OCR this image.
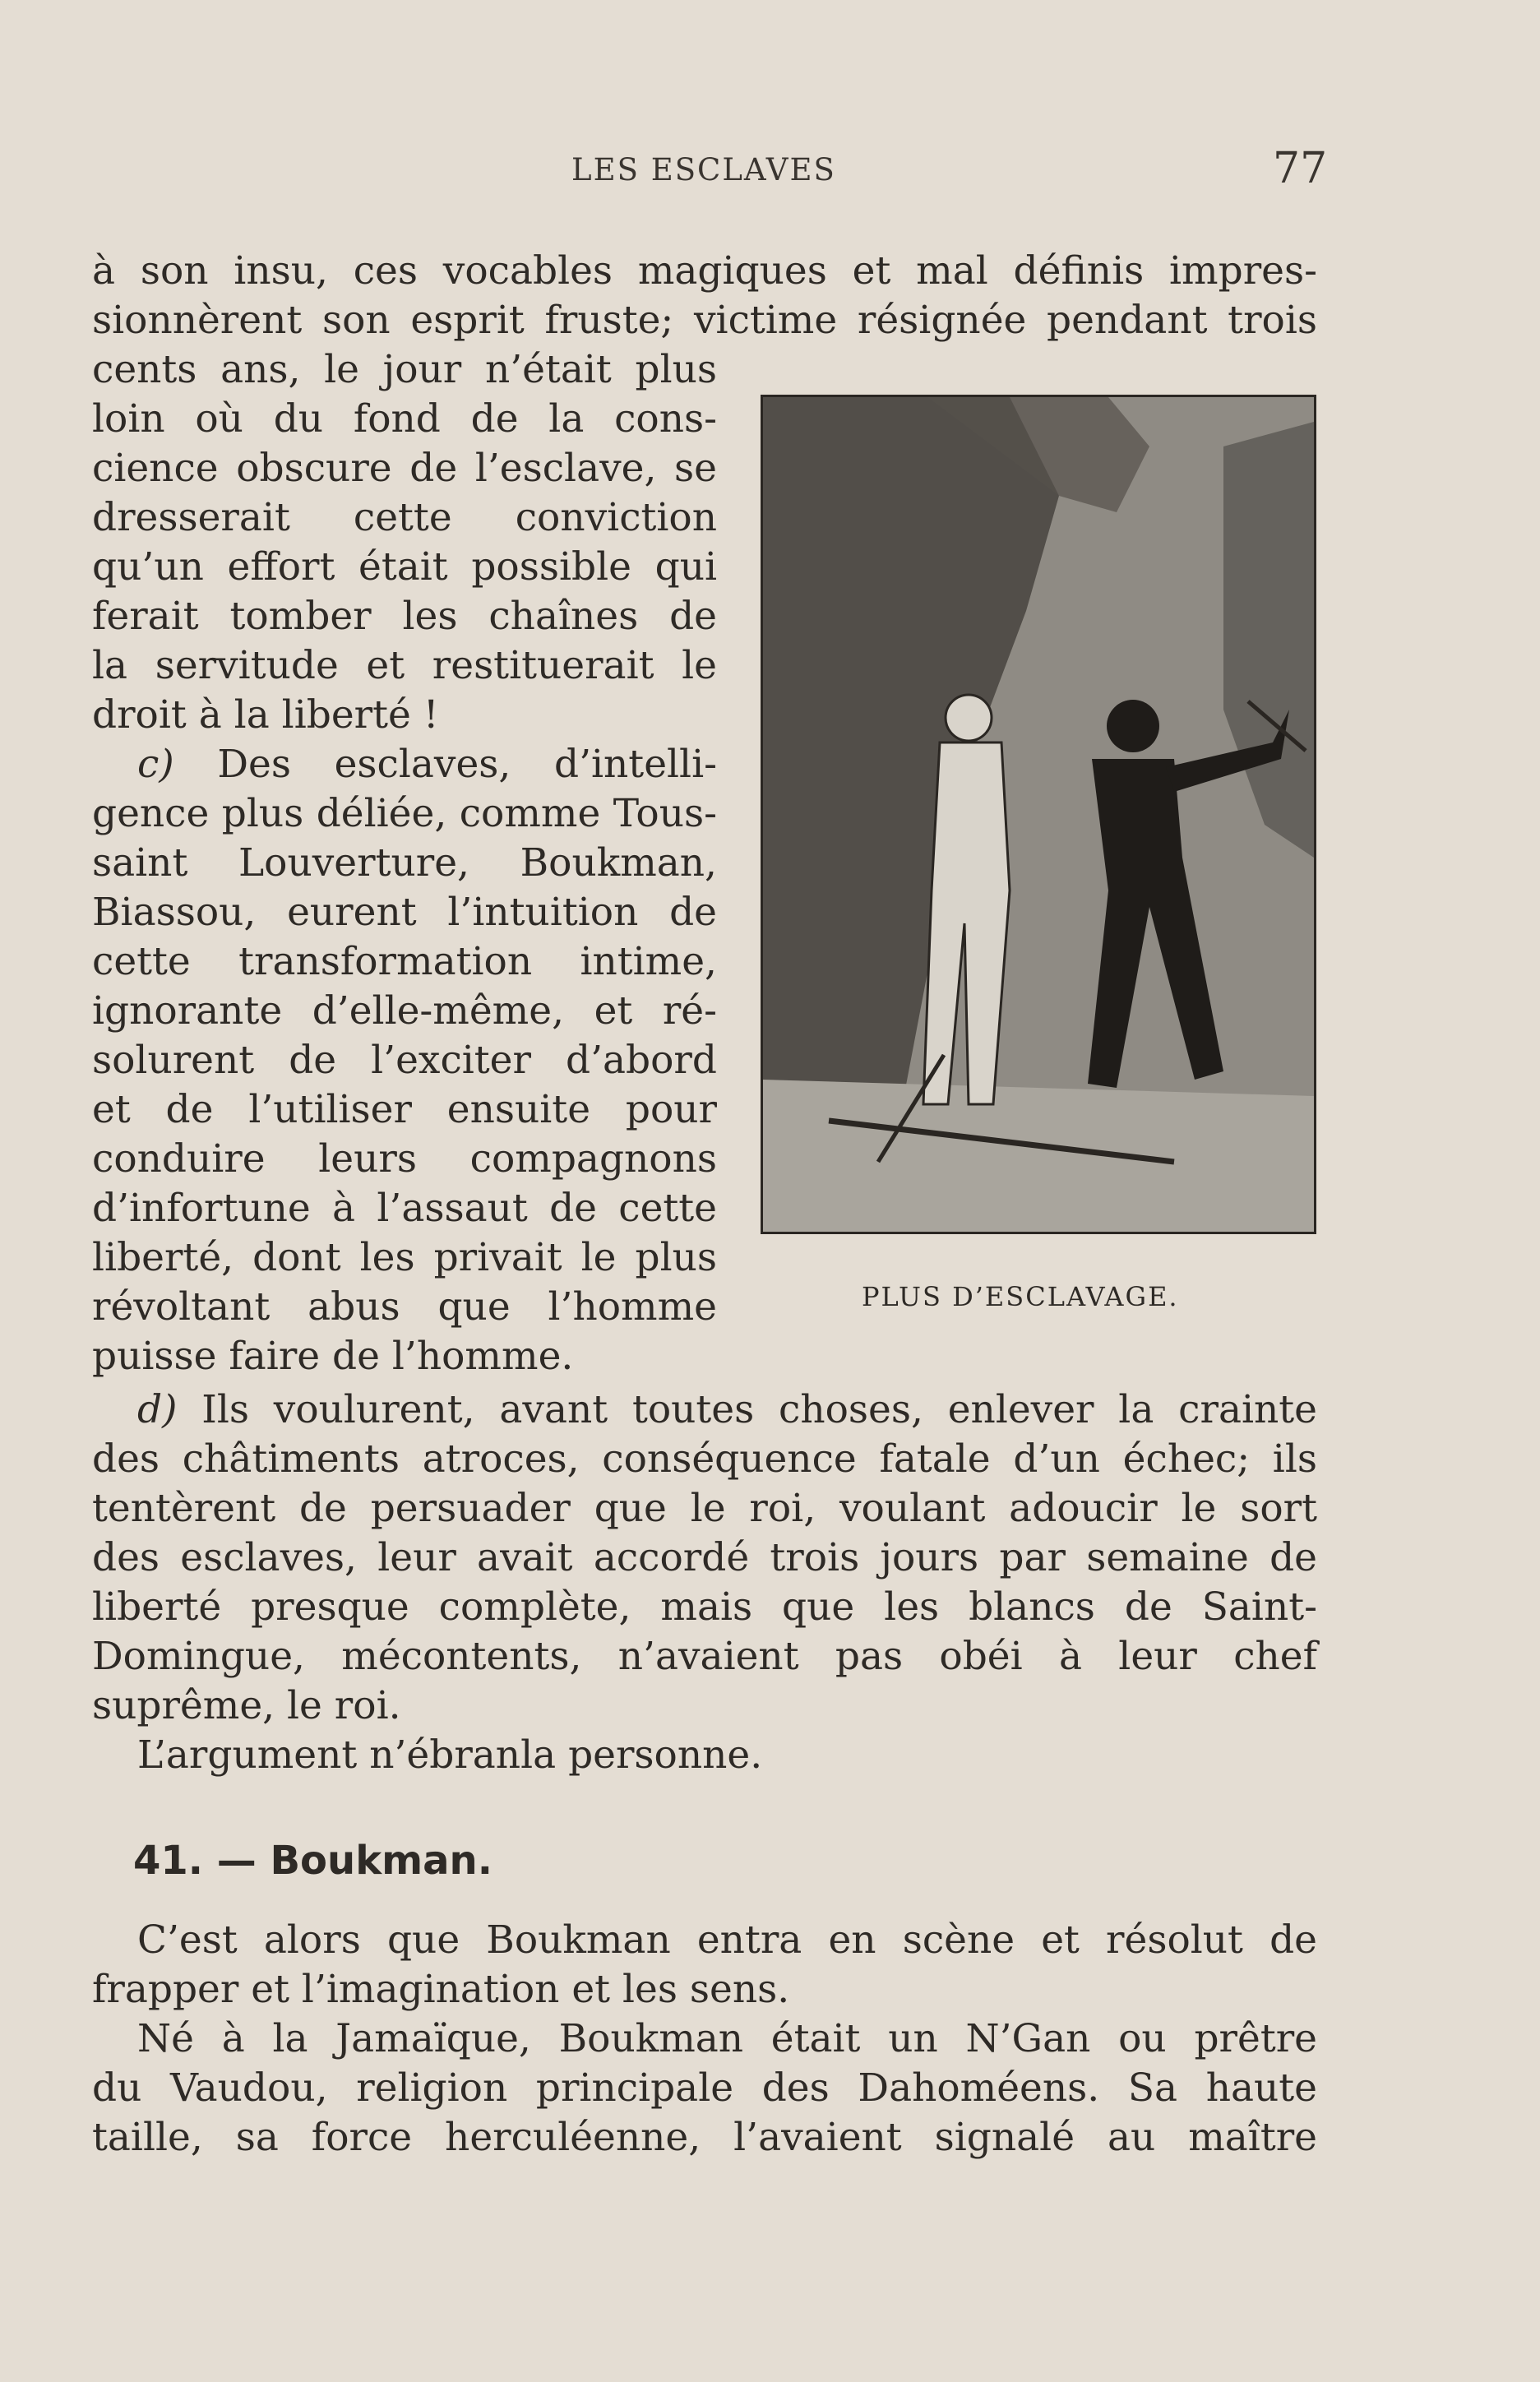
LES ESCLAVES	77
à son insu, ces vocables magiques et mal définis impres-
sionnèrent son esprit fruste; victime résignée pendant trois
cents ans, le jour n’était plus
loin où du fond de la cons-
cience obscure de l’esclave, se
dresserait cette conviction
qu’un effort était possible qui
ferait tomber les chaînes de
la servitude et restituerait le
droit à la liberté !
c) Des esclaves, d’intelli-
gence plus déliée, comme Tous-
saint Louverture, Boukman,
Biassou, eurent l’intuition de
cette transformation intime,
ignorante d’elle-même, et ré-
solurent de l’exciter d’abord
et de l’utiliser ensuite pour
conduire leurs compagnons
d’infortune à l’assaut de cette
liberté, dont les privait le plus
révoltant abus que l’homme
puisse faire de l’homme.
PLUS D’ESCLAVAGE.
d) Ils voulurent, avant toutes choses, enlever la crainte
des châtiments atroces, conséquence fatale d’un échec; ils
tentèrent de persuader que le roi, voulant adoucir le sort
des esclaves, leur avait accordé trois jours par semaine de
liberté presque complète, mais que les blancs de Saint-
Domingue, mécontents, n’avaient pas obéi à leur chef
suprême, le roi.
L’argument n’ébranla personne.
41. — Boukman.
C’est alors que Boukman entra en scène et résolut de
frapper et l’imagination et les sens.
Né à la Jamaïque, Boukman était un N’Gan ou prêtre
du Vaudou, religion principale des Dahoméens. Sa haute
taille, sa force herculéenne, l’avaient signalé au maître
